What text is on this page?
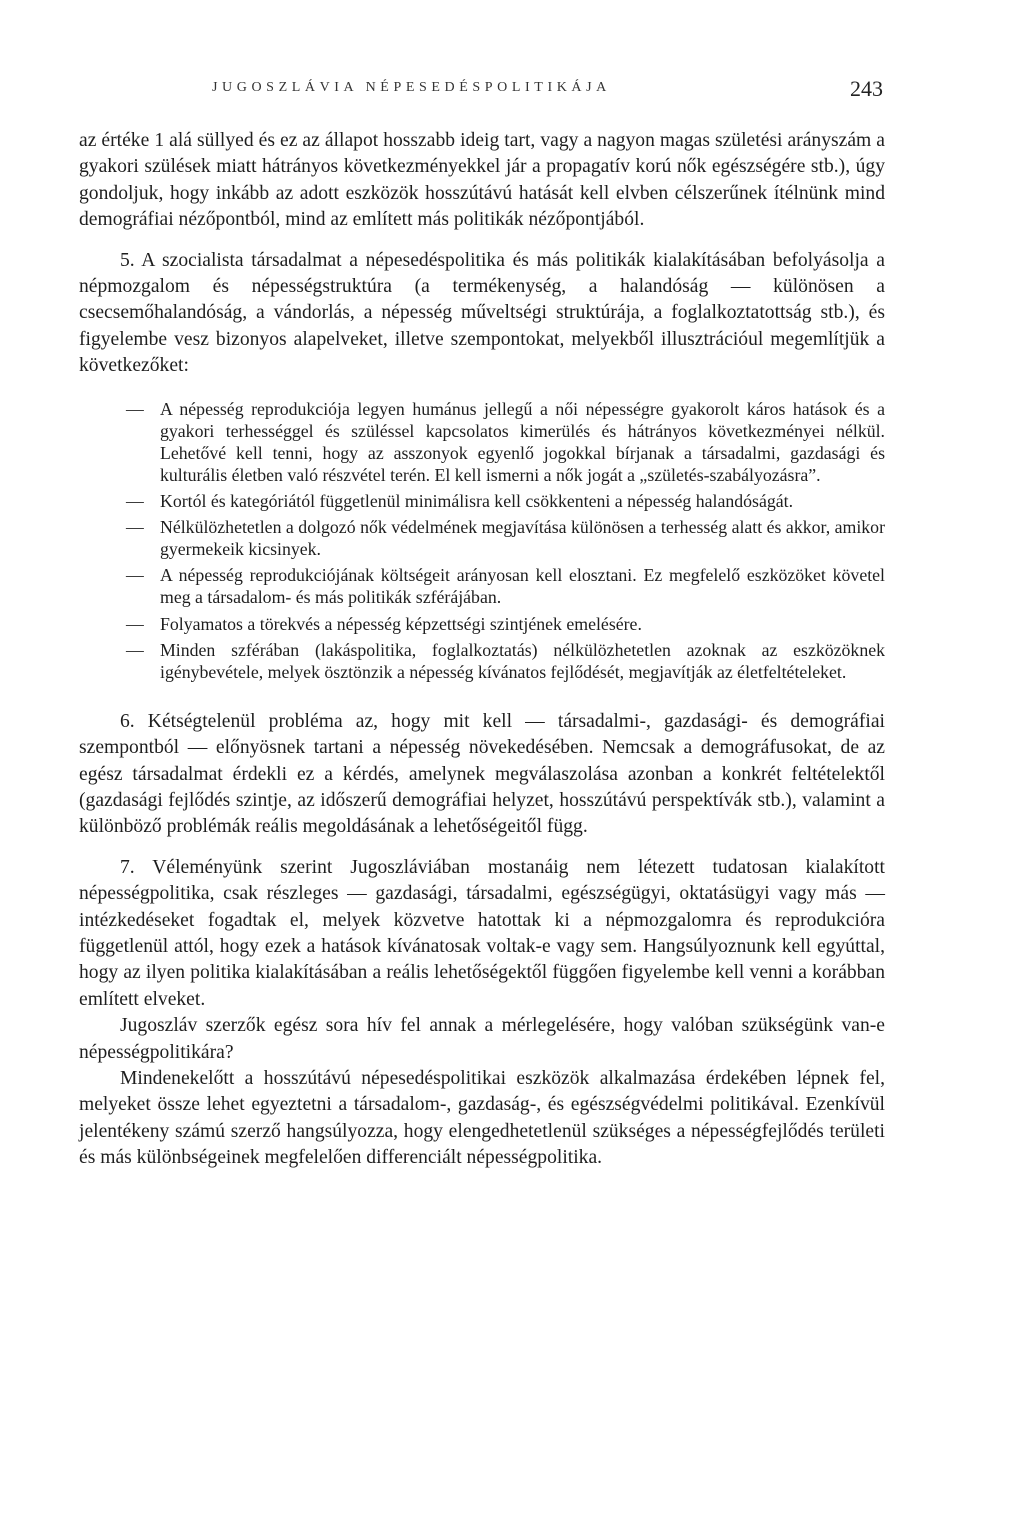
JUGOSZLÁVIA NÉPESEDÉSPOLITIKÁJA	243

az értéke 1 alá süllyed és ez az állapot hosszabb ideig tart, vagy a nagyon magas születési arányszám a gyakori szülések miatt hátrányos következményekkel jár a propagatív korú nők egészségére stb.), úgy gondoljuk, hogy inkább az adott eszközök hosszútávú hatását kell elvben célszerűnek ítélnünk mind demográfiai nézőpontból, mind az említett más politikák nézőpontjából.

5. A szocialista társadalmat a népesedéspolitika és más politikák kialakításában befolyásolja a népmozgalom és népességstruktúra (a termékenység, a halandóság — különösen a csecsemőhalandóság, a vándorlás, a népesség műveltségi struktúrája, a foglalkoztatottság stb.), és figyelembe vesz bizonyos alapelveket, illetve szempontokat, melyekből illusztrációul megemlítjük a következőket:

— A népesség reprodukciója legyen humánus jellegű a női népességre gyakorolt káros hatások és a gyakori terhességgel és szüléssel kapcsolatos kimerülés és hátrányos következményei nélkül. Lehetővé kell tenni, hogy az asszonyok egyenlő jogokkal bírjanak a társadalmi, gazdasági és kulturális életben való részvétel terén. El kell ismerni a nők jogát a „születés-szabályozásra”.
— Kortól és kategóriától függetlenül minimálisra kell csökkenteni a népesség halandóságát.
— Nélkülözhetetlen a dolgozó nők védelmének megjavítása különösen a terhesség alatt és akkor, amikor gyermekeik kicsinyek.
— A népesség reprodukciójának költségeit arányosan kell elosztani. Ez megfelelő eszközöket követel meg a társadalom- és más politikák szférájában.
— Folyamatos a törekvés a népesség képzettségi szintjének emelésére.
— Minden szférában (lakáspolitika, foglalkoztatás) nélkülözhetetlen azoknak az eszközöknek igénybevétele, melyek ösztönzik a népesség kívánatos fejlődését, megjavítják az életfeltételeket.

6. Kétségtelenül probléma az, hogy mit kell — társadalmi-, gazdasági- és demográfiai szempontból — előnyösnek tartani a népesség növekedésében. Nemcsak a demográfusokat, de az egész társadalmat érdekli ez a kérdés, amelynek megválaszolása azonban a konkrét feltételektől (gazdasági fejlődés szintje, az időszerű demográfiai helyzet, hosszútávú perspektívák stb.), valamint a különböző problémák reális megoldásának a lehetőségeitől függ.

7. Véleményünk szerint Jugoszláviában mostanáig nem létezett tudatosan kialakított népességpolitika, csak részleges — gazdasági, társadalmi, egészségügyi, oktatásügyi vagy más — intézkedéseket fogadtak el, melyek közvetve hatottak ki a népmozgalomra és reprodukcióra függetlenül attól, hogy ezek a hatások kívánatosak voltak-e vagy sem. Hangsúlyoznunk kell egyúttal, hogy az ilyen politika kialakításában a reális lehetőségektől függően figyelembe kell venni a korábban említett elveket.

Jugoszláv szerzők egész sora hív fel annak a mérlegelésére, hogy valóban szükségünk van-e népességpolitikára?

Mindenekelőtt a hosszútávú népesedéspolitikai eszközök alkalmazása érdekében lépnek fel, melyeket össze lehet egyeztetni a társadalom-, gazdaság-, és egészségvédelmi politikával. Ezenkívül jelentékeny számú szerző hangsúlyozza, hogy elengedhetetlenül szükséges a népességfejlődés területi és más különbségeinek megfelelően differenciált népességpolitika.
